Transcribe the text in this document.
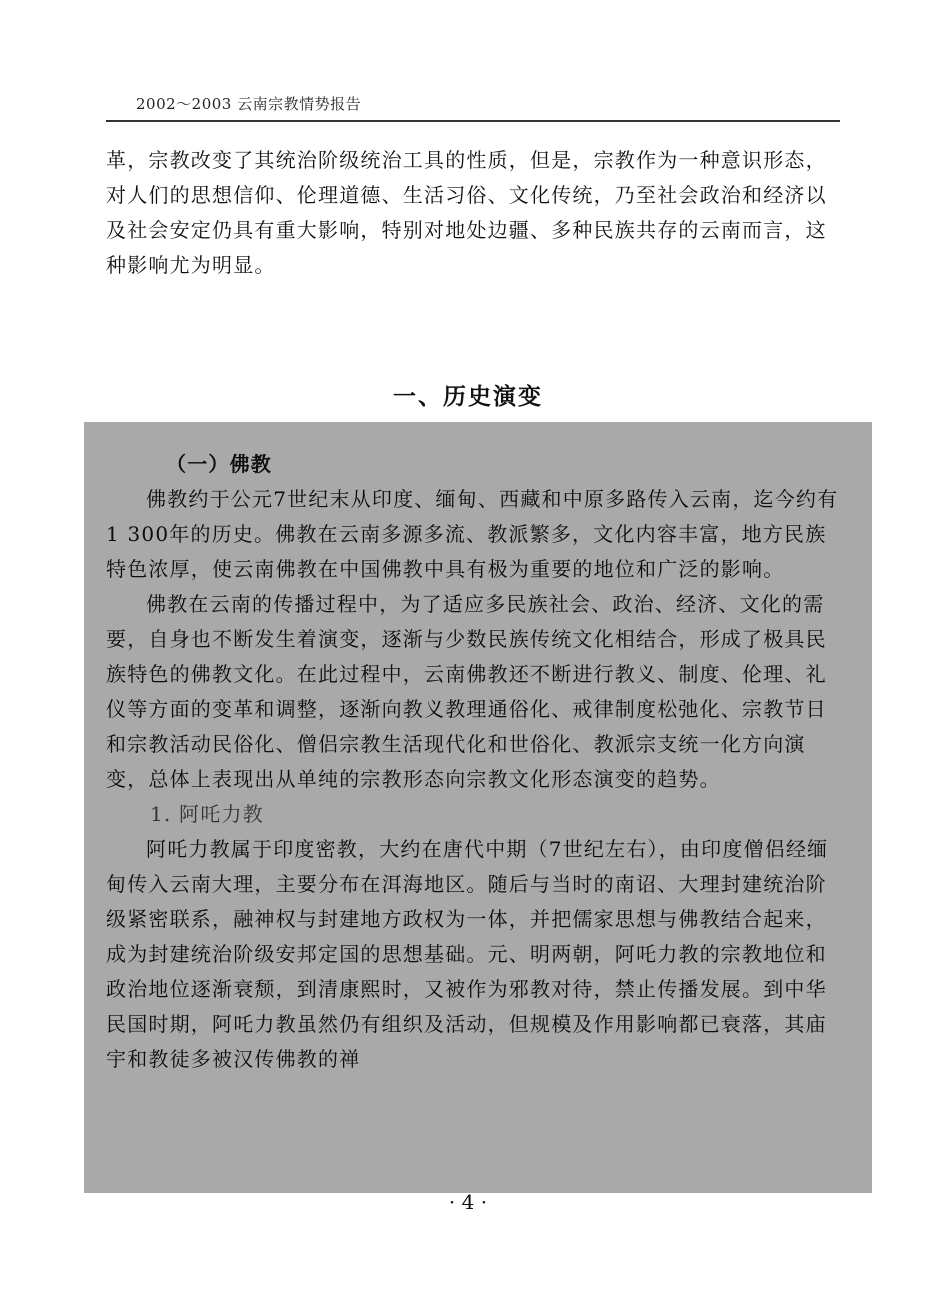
2002～2003 云南宗教情势报告

革，宗教改变了其统治阶级统治工具的性质，但是，宗教作为一种意识形态，对人们的思想信仰、伦理道德、生活习俗、文化传统，乃至社会政治和经济以及社会安定仍具有重大影响，特别对地处边疆、多种民族共存的云南而言，这种影响尤为明显。

一、历史演变

（一）佛教

佛教约于公元7世纪末从印度、缅甸、西藏和中原多路传入云南，迄今约有1 300年的历史。佛教在云南多源多流、教派繁多，文化内容丰富，地方民族特色浓厚，使云南佛教在中国佛教中具有极为重要的地位和广泛的影响。

佛教在云南的传播过程中，为了适应多民族社会、政治、经济、文化的需要，自身也不断发生着演变，逐渐与少数民族传统文化相结合，形成了极具民族特色的佛教文化。在此过程中，云南佛教还不断进行教义、制度、伦理、礼仪等方面的变革和调整，逐渐向教义教理通俗化、戒律制度松弛化、宗教节日和宗教活动民俗化、僧侣宗教生活现代化和世俗化、教派宗支统一化方向演变，总体上表现出从单纯的宗教形态向宗教文化形态演变的趋势。

1. 阿吒力教

阿吒力教属于印度密教，大约在唐代中期（7世纪左右），由印度僧侣经缅甸传入云南大理，主要分布在洱海地区。随后与当时的南诏、大理封建统治阶级紧密联系，融神权与封建地方政权为一体，并把儒家思想与佛教结合起来，成为封建统治阶级安邦定国的思想基础。元、明两朝，阿吒力教的宗教地位和政治地位逐渐衰颓，到清康熙时，又被作为邪教对待，禁止传播发展。到中华民国时期，阿吒力教虽然仍有组织及活动，但规模及作用影响都已衰落，其庙宇和教徒多被汉传佛教的禅

· 4 ·
